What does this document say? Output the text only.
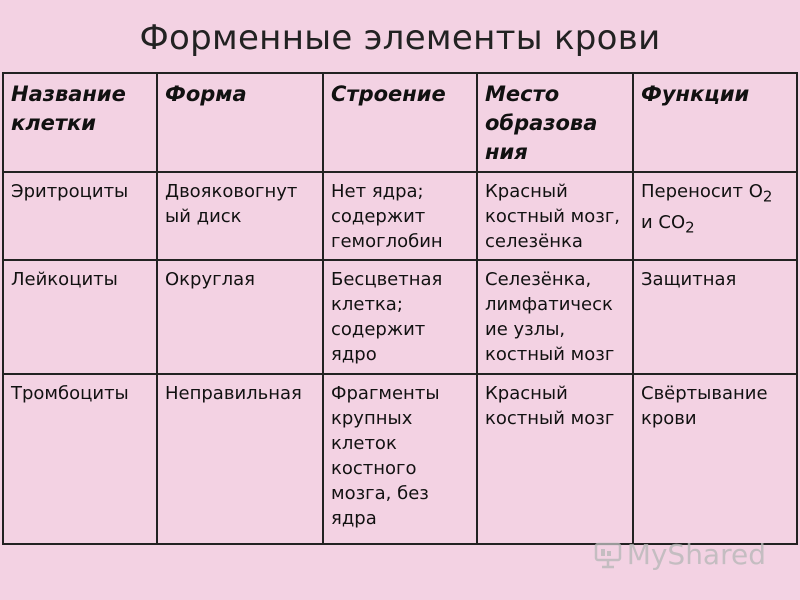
Форменные элементы крови
Название клетки	Форма	Строение	Место образова ния	Функции
Эритроциты	Двояковогнут ый диск	Нет ядра; содержит гемоглобин	Красный костный мозг, селезёнка	Переносит $О_2$ и $СО_2$
Лейкоциты	Округлая	Бесцветная клетка; содержит ядро	Селезёнка, лимфатическ ие узлы, костный мозг	Защитная
Тромбоциты	Неправильная	Фрагменты крупных клеток костного мозга, без ядра	Красный костный мозг	Свёртывание крови
MyShared
